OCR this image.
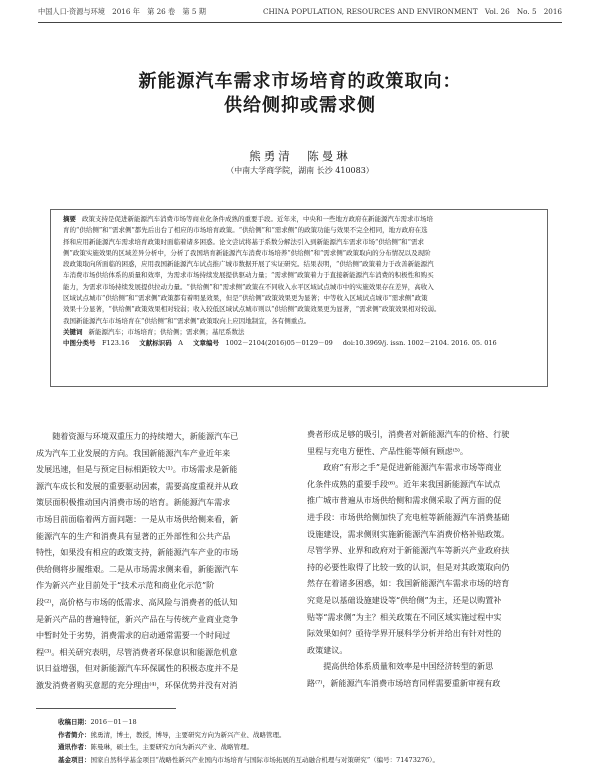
中国人口·资源与环境　2016 年　第 26 卷　第 5 期	CHINA POPULATION, RESOURCES AND ENVIRONMENT　Vol. 26　No. 5　2016
新能源汽车需求市场培育的政策取向：
供给侧抑或需求侧
熊勇清　陈曼琳
（中南大学商学院，湖南 长沙 410083）
摘要 政策支持是促进新能源汽车消费市场等商业化条件成熟的重要手段。近年来，中央和一些地方政府在新能源汽车需求市场培
育的“供给侧”和“需求侧”都先后出台了相应的市场培育政策。“供给侧”和“需求侧”的政策功能与效果不完全相同，地方政府在选
择和应用新能源汽车需求培育政策时面临着诸多困惑。论文尝试将基于系数分解法引入到新能源汽车需求市场“供给侧”和“需求
侧”政策实施效果的区域差异分析中，分析了我国培育新能源汽车消费市场培养“供给侧”和“需求侧”政策取向的分布情况以及现阶
段政策取向所面临的困惑，应用我国新能源汽车试点推广城市数据开展了实证研究。结果表明，“供给侧”政策着力于改善新能源汽
车消费市场供给体系的质量和效率，为需求市场持续发展提供驱动力量；“需求侧”政策着力于直接新能源汽车消费的积极性和购买
能力，为需求市场持续发展提供拉动力量。“供给侧”和“需求侧”政策在不同收入水平区域试点城市中的实施效果存在差异，高收入
区域试点城市“供给侧”和“需求侧”政策都有着明显效果，但是“供给侧”政策效果更为显著；中等收入区域试点城市“需求侧”政策
效果十分显著，“供给侧”政策效果相对较弱；收入较低区域试点城市则以“供给侧”政策效果更为显著，“需求侧”政策效果相对较弱。
我国新能源汽车市场培育在“供给侧”和“需求侧”政策取向上应因地制宜，各有侧重点。
关键词 新能源汽车；市场培育；供给侧；需求侧；基尼系数法
中图分类号　 F123.16 文献标识码　 A 文章编号　 1002－2104(2016)05－0129－09 doi:10.3969/j. issn. 1002－2104. 2016. 05. 016

　　随着资源与环境双重压力的持续增大，新能源汽车已

成为汽车工业发展的方向。我国新能源汽车产业近年来

发展迅速，但是与预定目标相距较大⁽¹⁾。市场需求是新能

源汽车成长和发展的重要驱动因素，需要高度重视并从政

策层面积极推动国内消费市场的培育。新能源汽车需求

市场目前面临着两方面问题：一是从市场供给侧来看，新

能源汽车的生产和消费具有显著的正外部性和公共产品

特性，如果没有相应的政策支持，新能源汽车产业的市场

供给侧将步履维艰。二是从市场需求侧来看，新能源汽车

作为新兴产业目前处于“技术示范和商业化示范”阶

段⁽²⁾，高价格与市场的低需求、高风险与消费者的低认知

是新兴产品的普遍特征，新兴产品在与传统产业商业竞争

中暂时处于劣势，消费需求的启动通常需要一个时间过

程⁽³⁾。相关研究表明，尽管消费者环保意识和能源危机意

识日益增强，但对新能源汽车环保属性的积极态度并不是

激发消费者购买意愿的充分理由⁽⁴⁾，环保优势并没有对消

费者形成足够的吸引，消费者对新能源汽车的价格、行驶

里程与充电方便性、产品性能等倾有顾虑⁽⁵⁾。

　　政府“有形之手”是促进新能源汽车需求市场等商业

化条件成熟的重要手段⁽⁶⁾。近年来我国新能源汽车试点

推广城市普遍从市场供给侧和需求侧采取了两方面的促

进手段：市场供给侧加快了充电桩等新能源汽车消费基础

设施建设，需求侧则实施新能源汽车消费价格补贴政策。

尽管学界、业界和政府对于新能源汽车等新兴产业政府扶

持的必要性取得了比较一致的认识，但是对其政策取向仍

然存在着诸多困惑，如：我国新能源汽车需求市场的培育

究竟是以基础设施建设等“供给侧”为主，还是以购置补

贴等“需求侧”为主？相关政策在不同区域实施过程中实

际效果如何？亟待学界开展科学分析并给出有针对性的

政策建议。

　　提高供给体系质量和效率是中国经济转型的新思

路⁽⁷⁾，新能源汽车消费市场培育同样需要重新审视有政

收稿日期：2016－01－18

作者简介：熊勇清，博士，教授，博导，主要研究方向为新兴产业、战略管理。

通讯作者：陈曼琳，硕士生，主要研究方向为新兴产业、战略管理。

基金项目：国家自然科学基金项目“战略性新兴产业国内市场培育与国际市场拓展的互动融合机理与对策研究”（编号：71473276）。
